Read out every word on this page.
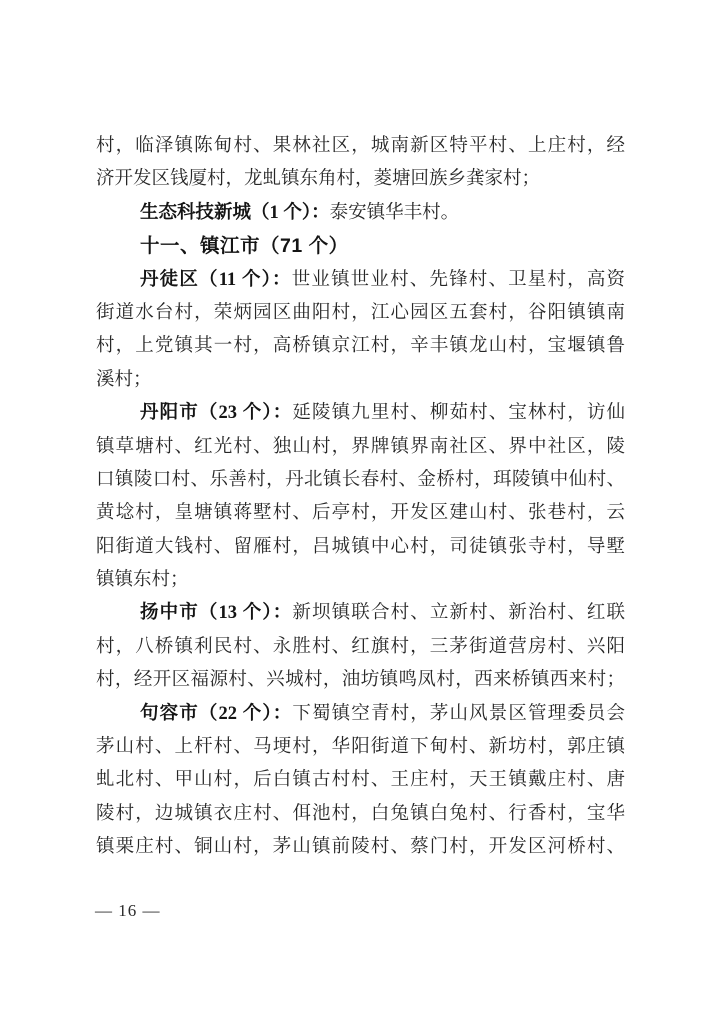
村，临泽镇陈甸村、果林社区，城南新区特平村、上庄村，经
济开发区钱厦村，龙虬镇东角村，菱塘回族乡龚家村；
生态科技新城（1 个）：泰安镇华丰村。
十一、镇江市（71 个）
丹徒区（11 个）：世业镇世业村、先锋村、卫星村，高资
街道水台村，荣炳园区曲阳村，江心园区五套村，谷阳镇镇南
村，上党镇其一村，高桥镇京江村，辛丰镇龙山村，宝堰镇鲁
溪村；
丹阳市（23 个）：延陵镇九里村、柳茹村、宝林村，访仙
镇草塘村、红光村、独山村，界牌镇界南社区、界中社区，陵
口镇陵口村、乐善村，丹北镇长春村、金桥村，珥陵镇中仙村、
黄埝村，皇塘镇蒋墅村、后亭村，开发区建山村、张巷村，云
阳街道大钱村、留雁村，吕城镇中心村，司徒镇张寺村，导墅
镇镇东村；
扬中市（13 个）：新坝镇联合村、立新村、新治村、红联
村，八桥镇利民村、永胜村、红旗村，三茅街道营房村、兴阳
村，经开区福源村、兴城村，油坊镇鸣凤村，西来桥镇西来村；
句容市（22 个）：下蜀镇空青村，茅山风景区管理委员会
茅山村、上杆村、马埂村，华阳街道下甸村、新坊村，郭庄镇
虬北村、甲山村，后白镇古村村、王庄村，天王镇戴庄村、唐
陵村，边城镇衣庄村、佴池村，白兔镇白兔村、行香村，宝华
镇栗庄村、铜山村，茅山镇前陵村、蔡门村，开发区河桥村、
— 16 —
